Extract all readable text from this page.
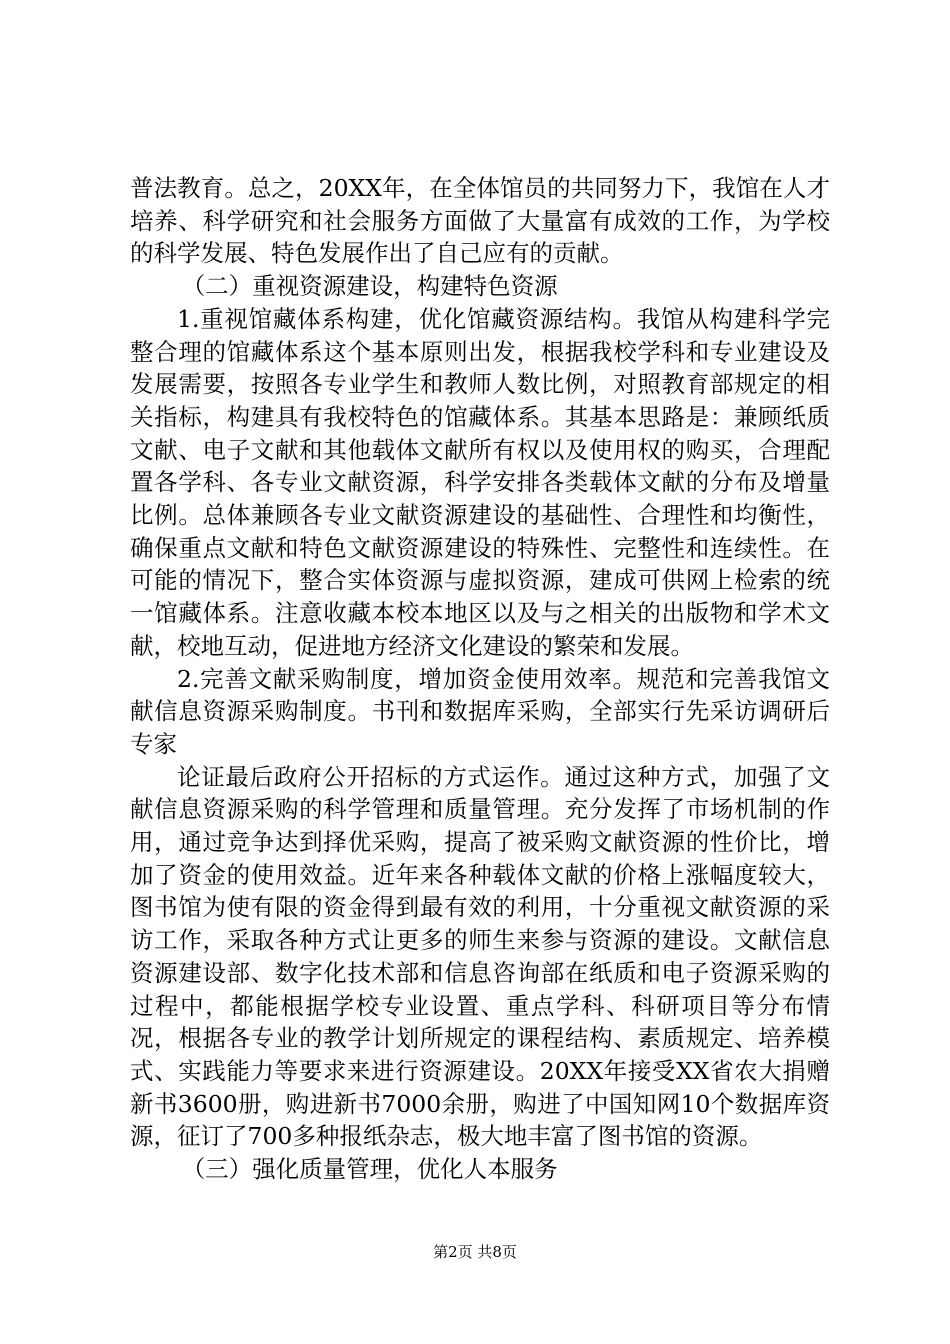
普法教育。总之，20XX年，在全体馆员的共同努力下，我馆在人才培养、科学研究和社会服务方面做了大量富有成效的工作，为学校的科学发展、特色发展作出了自己应有的贡献。

（二）重视资源建设，构建特色资源

1.重视馆藏体系构建，优化馆藏资源结构。我馆从构建科学完整合理的馆藏体系这个基本原则出发，根据我校学科和专业建设及发展需要，按照各专业学生和教师人数比例，对照教育部规定的相关指标，构建具有我校特色的馆藏体系。其基本思路是：兼顾纸质文献、电子文献和其他载体文献所有权以及使用权的购买，合理配置各学科、各专业文献资源，科学安排各类载体文献的分布及增量比例。总体兼顾各专业文献资源建设的基础性、合理性和均衡性，确保重点文献和特色文献资源建设的特殊性、完整性和连续性。在可能的情况下，整合实体资源与虚拟资源，建成可供网上检索的统一馆藏体系。注意收藏本校本地区以及与之相关的出版物和学术文献，校地互动，促进地方经济文化建设的繁荣和发展。

2.完善文献采购制度，增加资金使用效率。规范和完善我馆文献信息资源采购制度。书刊和数据库采购，全部实行先采访调研后专家

论证最后政府公开招标的方式运作。通过这种方式，加强了文献信息资源采购的科学管理和质量管理。充分发挥了市场机制的作用，通过竞争达到择优采购，提高了被采购文献资源的性价比，增加了资金的使用效益。近年来各种载体文献的价格上涨幅度较大，图书馆为使有限的资金得到最有效的利用，十分重视文献资源的采访工作，采取各种方式让更多的师生来参与资源的建设。文献信息资源建设部、数字化技术部和信息咨询部在纸质和电子资源采购的过程中，都能根据学校专业设置、重点学科、科研项目等分布情况，根据各专业的教学计划所规定的课程结构、素质规定、培养模式、实践能力等要求来进行资源建设。20XX年接受XX省农大捐赠新书3600册，购进新书7000余册，购进了中国知网10个数据库资源，征订了700多种报纸杂志，极大地丰富了图书馆的资源。

（三）强化质量管理，优化人本服务

第2页 共8页
